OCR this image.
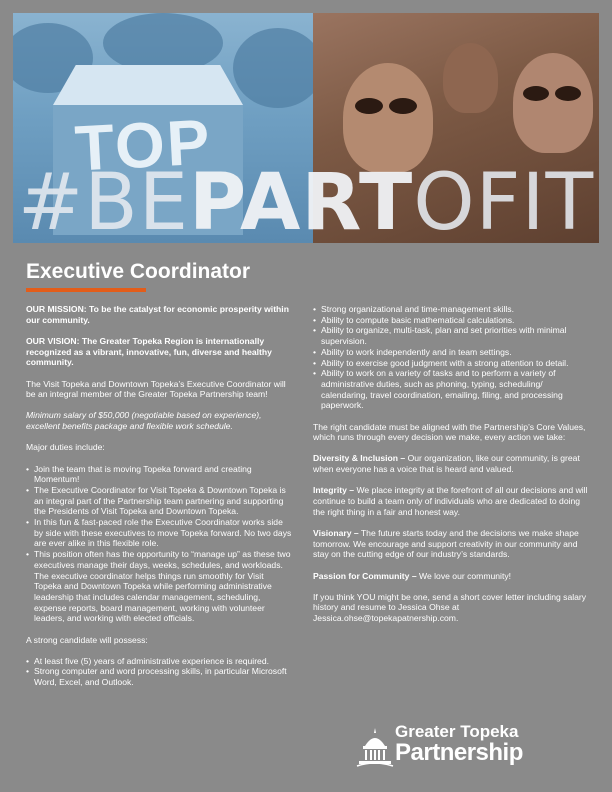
TOP
#BEPARTOFIT
Executive Coordinator

OUR MISSION: To be the catalyst for economic prosperity within our community.

OUR VISION: The Greater Topeka Region is internationally recognized as a vibrant, innovative, fun, diverse and healthy community.

The Visit Topeka and Downtown Topeka’s Executive Coordinator will be an integral member of the Greater Topeka Partnership team!

Minimum salary of $50,000 (negotiable based on experience), excellent benefits package and flexible work schedule.

Major duties include:

• Join the team that is moving Topeka forward and creating Momentum!
• The Executive Coordinator for Visit Topeka & Downtown Topeka is an integral part of the Partnership team partnering and supporting the Presidents of Visit Topeka and Downtown Topeka.
• In this fun & fast-paced role the Executive Coordinator works side by side with these executives to move Topeka forward. No two days are ever alike in this flexible role.
• This position often has the opportunity to “manage up” as these two executives manage their days, weeks, schedules, and workloads. The executive coordinator helps things run smoothly for Visit Topeka and Downtown Topeka while performing administrative leadership that includes calendar management, scheduling, expense reports, board management, working with volunteer leaders, and working with elected officials.

A strong candidate will possess:

• At least five (5) years of administrative experience is required.
• Strong computer and word processing skills, in particular Microsoft Word, Excel, and Outlook.
• Strong organizational and time-management skills.
• Ability to compute basic mathematical calculations.
• Ability to organize, multi-task, plan and set priorities with minimal supervision.
• Ability to work independently and in team settings.
• Ability to exercise good judgment with a strong attention to detail.
• Ability to work on a variety of tasks and to perform a variety of administrative duties, such as phoning, typing, scheduling/ calendaring, travel coordination, emailing, filing, and processing paperwork.

The right candidate must be aligned with the Partnership’s Core Values, which runs through every decision we make, every action we take:

Diversity & Inclusion – Our organization, like our community, is great when everyone has a voice that is heard and valued.

Integrity – We place integrity at the forefront of all our decisions and will continue to build a team only of individuals who are dedicated to doing the right thing in a fair and honest way.

Visionary – The future starts today and the decisions we make shape tomorrow. We encourage and support creativity in our community and stay on the cutting edge of our industry’s standards.

Passion for Community – We love our community!

If you think YOU might be one, send a short cover letter including salary history and resume to Jessica Ohse at Jessica.ohse@topekapatnership.com.

Greater Topeka
Partnership
